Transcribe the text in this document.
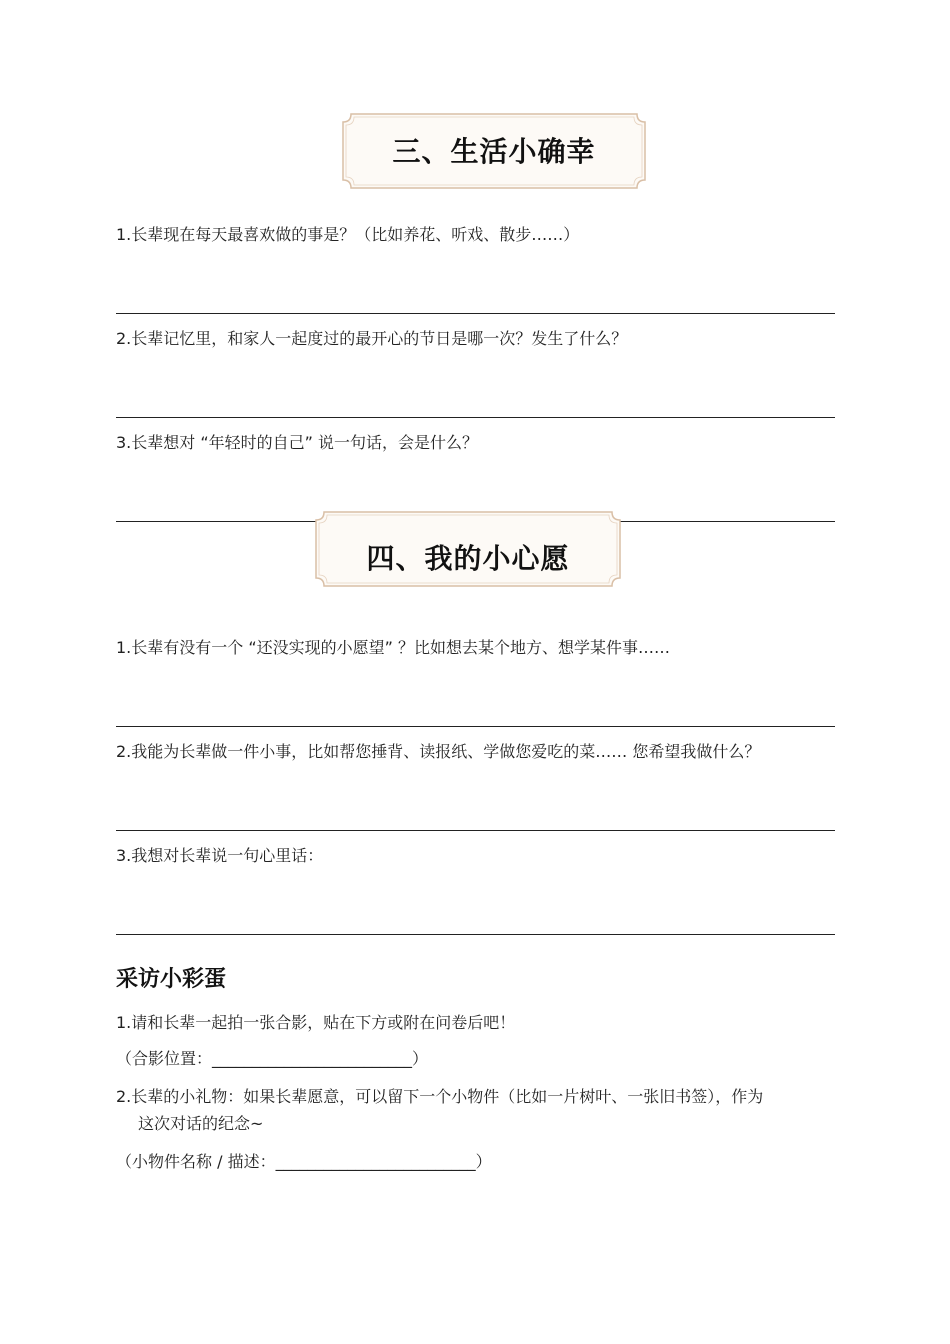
三、生活小确幸
1.长辈现在每天最喜欢做的事是？（比如养花、听戏、散步……）
2.长辈记忆里，和家人一起度过的最开心的节日是哪一次？发生了什么？
3.长辈想对 “年轻时的自己” 说一句话，会是什么？
四、我的小心愿
1.长辈有没有一个 “还没实现的小愿望” ？比如想去某个地方、想学某件事……
2.我能为长辈做一件小事，比如帮您捶背、读报纸、学做您爱吃的菜…… 您希望我做什么？
3.我想对长辈说一句心里话：
采访小彩蛋
1.请和长辈一起拍一张合影，贴在下方或附在问卷后吧！
（合影位置：_________________________）
2.长辈的小礼物：如果长辈愿意，可以留下一个小物件（比如一片树叶、一张旧书签），作为
这次对话的纪念~
（小物件名称 / 描述：_________________________）
